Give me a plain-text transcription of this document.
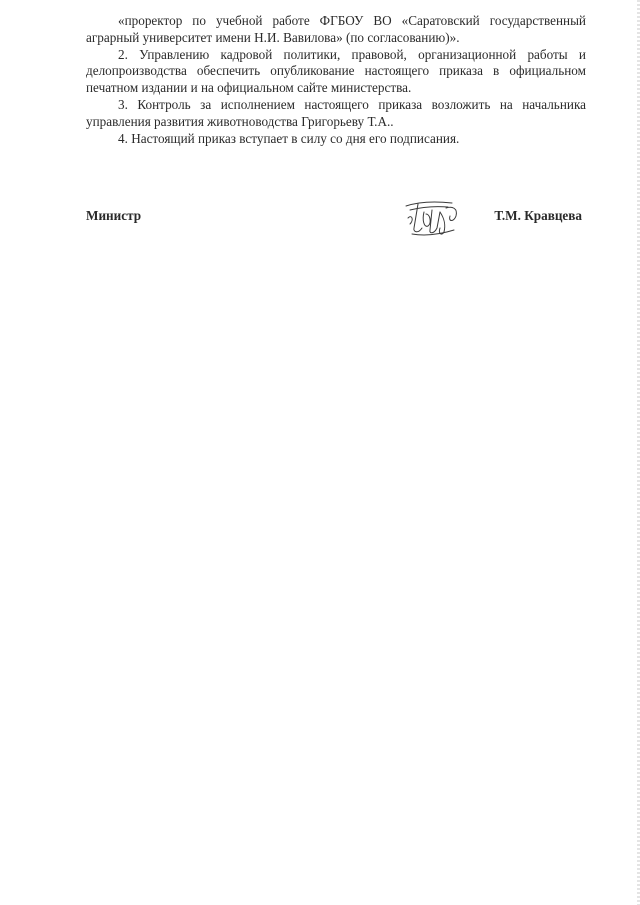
«проректор по учебной работе ФГБОУ ВО «Саратовский государственный аграрный университет имени Н.И. Вавилова» (по согласованию)».

2. Управлению кадровой политики, правовой, организационной работы и делопроизводства обеспечить опубликование настоящего приказа в официальном печатном издании и на официальном сайте министерства.

3. Контроль за исполнением настоящего приказа возложить на начальника управления развития животноводства Григорьеву Т.А..

4. Настоящий приказ вступает в силу со дня его подписания.

Министр	Т.М. Кравцева
